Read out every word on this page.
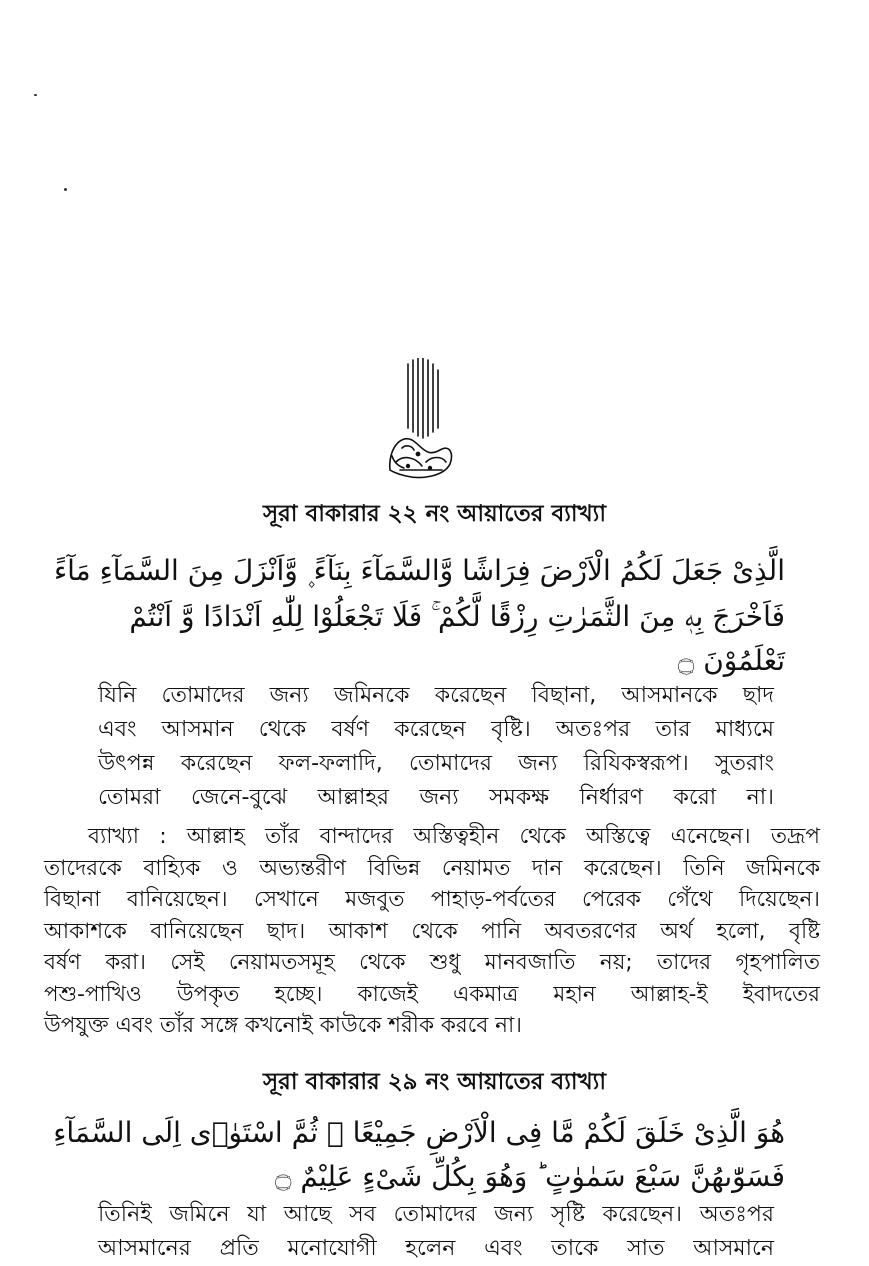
সূরা বাকারার ২২ নং আয়াতের ব্যাখ্যা
الَّذِیْ جَعَلَ لَكُمُ الْاَرْضَ فِرَاشًا وَّالسَّمَآءَ بِنَآءً ۪ وَّاَنْزَلَ مِنَ السَّمَآءِ مَآءً
فَاَخْرَجَ بِهٖ مِنَ الثَّمَرٰتِ رِزْقًا لَّكُمْ ۚ فَلَا تَجْعَلُوْا لِلّٰهِ اَنْدَادًا وَّ اَنْتُمْ
تَعْلَمُوْنَ ۝
যিনি তোমাদের জন্য জমিনকে করেছেন বিছানা, আসমানকে ছাদ
এবং আসমান থেকে বর্ষণ করেছেন বৃষ্টি। অতঃপর তার মাধ্যমে
উৎপন্ন করেছেন ফল-ফলাদি, তোমাদের জন্য রিযিকস্বরূপ। সুতরাং
তোমরা জেনে-বুঝে আল্লাহর জন্য সমকক্ষ নির্ধারণ করো না।
ব্যাখ্যা : আল্লাহ তাঁর বান্দাদের অস্তিত্বহীন থেকে অস্তিত্বে এনেছেন। তদ্রূপ
তাদেরকে বাহ্যিক ও অভ্যন্তরীণ বিভিন্ন নেয়ামত দান করেছেন। তিনি জমিনকে
বিছানা বানিয়েছেন। সেখানে মজবুত পাহাড়-পর্বতের পেরেক গেঁথে দিয়েছেন।
আকাশকে বানিয়েছেন ছাদ। আকাশ থেকে পানি অবতরণের অর্থ হলো, বৃষ্টি
বর্ষণ করা। সেই নেয়ামতসমূহ থেকে শুধু মানবজাতি নয়; তাদের গৃহপালিত
পশু-পাখিও উপকৃত হচ্ছে। কাজেই একমাত্র মহান আল্লাহ-ই ইবাদতের
উপযুক্ত এবং তাঁর সঙ্গে কখনোই কাউকে শরীক করবে না।
সূরা বাকারার ২৯ নং আয়াতের ব্যাখ্যা
هُوَ الَّذِیْ خَلَقَ لَكُمْ مَّا فِی الْاَرْضِ جَمِیْعًا ۗ ثُمَّ اسْتَوٰۤی اِلَی السَّمَآءِ
فَسَوّٰىهُنَّ سَبْعَ سَمٰوٰتٍ ؕ وَهُوَ بِكُلِّ شَیْءٍ عَلِیْمٌ ۝
তিনিই জমিনে যা আছে সব তোমাদের জন্য সৃষ্টি করেছেন। অতঃপর
আসমানের প্রতি মনোযোগী হলেন এবং তাকে সাত আসমানে
